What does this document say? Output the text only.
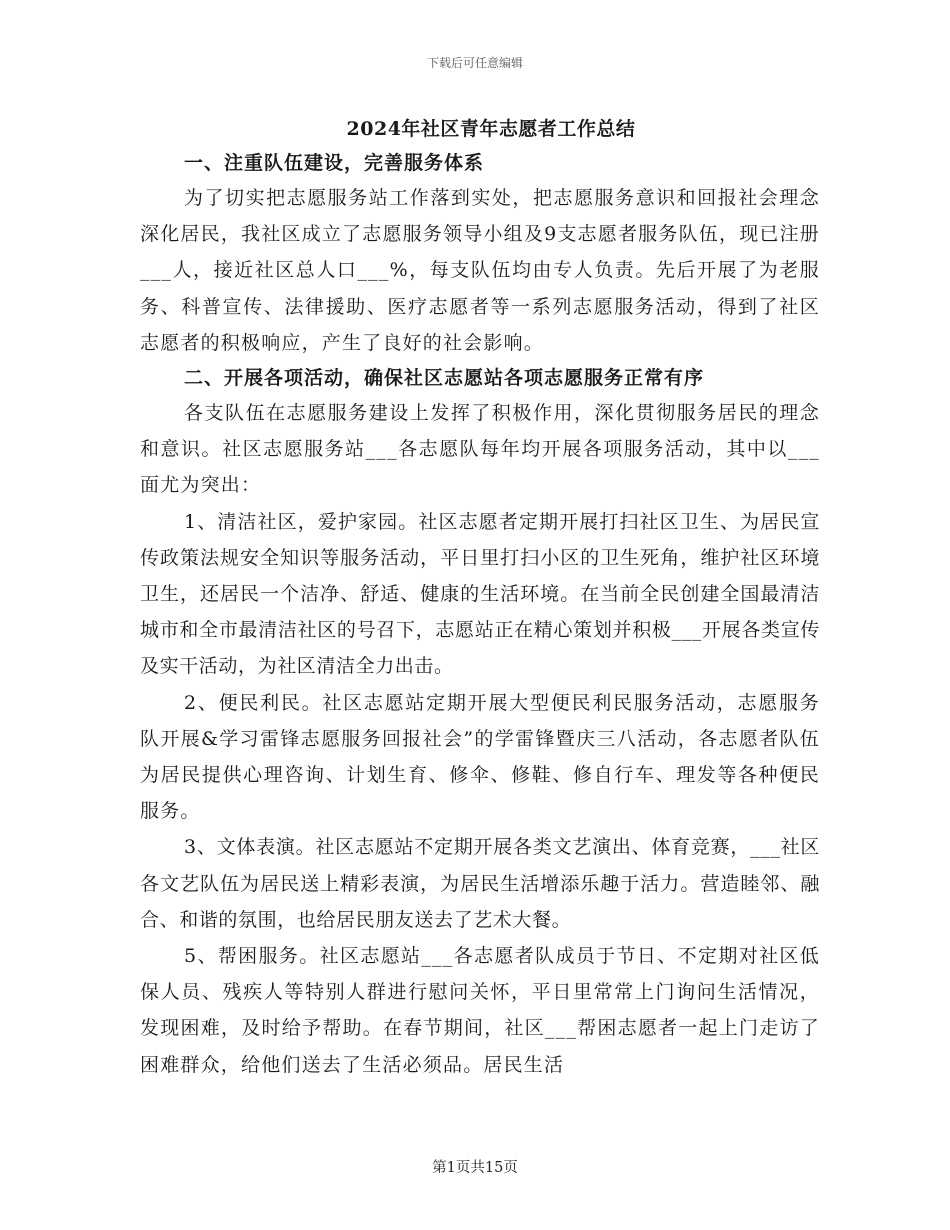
下载后可任意编辑
2024年社区青年志愿者工作总结
一、注重队伍建设，完善服务体系

为了切实把志愿服务站工作落到实处，把志愿服务意识和回报社会理念深化居民，我社区成立了志愿服务领导小组及9支志愿者服务队伍，现已注册___人，接近社区总人口___%，每支队伍均由专人负责。先后开展了为老服务、科普宣传、法律援助、医疗志愿者等一系列志愿服务活动，得到了社区志愿者的积极响应，产生了良好的社会影响。

二、开展各项活动，确保社区志愿站各项志愿服务正常有序

各支队伍在志愿服务建设上发挥了积极作用，深化贯彻服务居民的理念和意识。社区志愿服务站___各志愿队每年均开展各项服务活动，其中以___面尤为突出：

1、清洁社区，爱护家园。社区志愿者定期开展打扫社区卫生、为居民宣传政策法规安全知识等服务活动，平日里打扫小区的卫生死角，维护社区环境卫生，还居民一个洁净、舒适、健康的生活环境。在当前全民创建全国最清洁城市和全市最清洁社区的号召下，志愿站正在精心策划并积极___开展各类宣传及实干活动，为社区清洁全力出击。

2、便民利民。社区志愿站定期开展大型便民利民服务活动，志愿服务队开展&学习雷锋志愿服务回报社会”的学雷锋暨庆三八活动，各志愿者队伍为居民提供心理咨询、计划生育、修伞、修鞋、修自行车、理发等各种便民服务。

3、文体表演。社区志愿站不定期开展各类文艺演出、体育竞赛，___社区各文艺队伍为居民送上精彩表演，为居民生活增添乐趣于活力。营造睦邻、融合、和谐的氛围，也给居民朋友送去了艺术大餐。

5、帮困服务。社区志愿站___各志愿者队成员于节日、不定期对社区低保人员、残疾人等特别人群进行慰问关怀，平日里常常上门询问生活情况，发现困难，及时给予帮助。在春节期间，社区___帮困志愿者一起上门走访了困难群众，给他们送去了生活必须品。居民生活

第1页共15页
